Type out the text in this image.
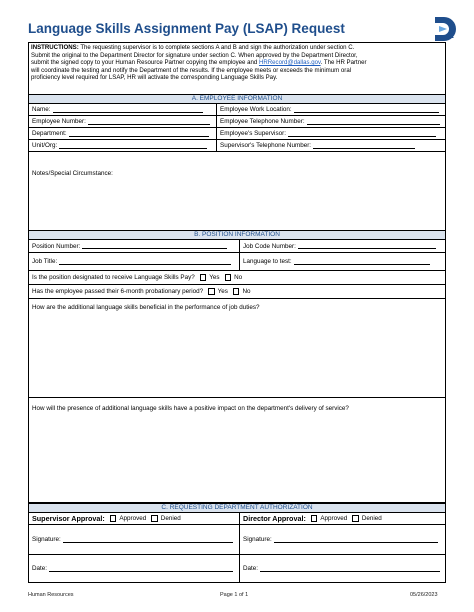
Language Skills Assignment Pay (LSAP) Request
INSTRUCTIONS: The requesting supervisor is to complete sections A and B and sign the authorization under section C.
Submit the original to the Department Director for signature under section C. When approved by the Department Director,
submit the signed copy to your Human Resource Partner copying the employee and HRRecord@dallas.gov. The HR Partner
will coordinate the testing and notify the Department of the results. If the employee meets or exceeds the minimum oral
proficiency level required for LSAP, HR will activate the corresponding Language Skills Pay.
A. EMPLOYEE INFORMATION
Name:	Employee Work Location:
Employee Number:	Employee Telephone Number:
Department:	Employee's Supervisor:
Unit/Org:	Supervisor's Telephone Number:
Notes/Special Circumstance:
B. POSITION INFORMATION
Position Number:	Job Code Number:
Job Title:	Language to test:
Is the position designated to receive Language Skills Pay? Yes No
Has the employee passed their 6-month probationary period? Yes No
How are the additional language skills beneficial in the performance of job duties?
How will the presence of additional language skills have a positive impact on the department's delivery of service?
C. REQUESTING DEPARTMENT AUTHORIZATION
Supervisor Approval: Approved Denied	Director Approval: Approved Denied
Signature:	Signature:
Date:	Date:
Human Resources	Page 1 of 1	05/26/2023
